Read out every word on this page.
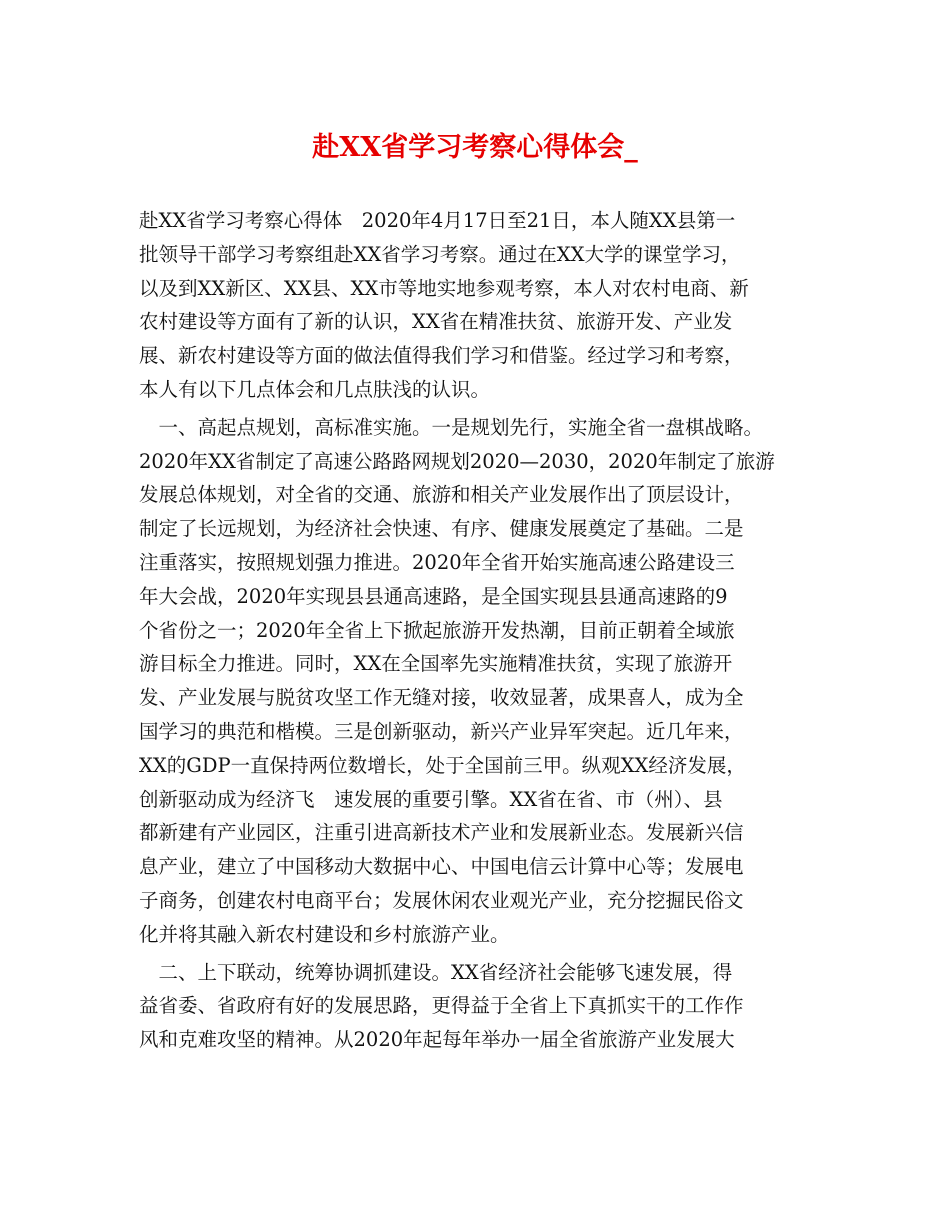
赴XX省学习考察心得体会_
赴XX省学习考察心得体　2020年4月17日至21日，本人随XX县第一
批领导干部学习考察组赴XX省学习考察。通过在XX大学的课堂学习，
以及到XX新区、XX县、XX市等地实地参观考察，本人对农村电商、新
农村建设等方面有了新的认识，XX省在精准扶贫、旅游开发、产业发
展、新农村建设等方面的做法值得我们学习和借鉴。经过学习和考察，
本人有以下几点体会和几点肤浅的认识。
　一、高起点规划，高标准实施。一是规划先行，实施全省一盘棋战略。
2020年XX省制定了高速公路路网规划2020—2030，2020年制定了旅游
发展总体规划，对全省的交通、旅游和相关产业发展作出了顶层设计，
制定了长远规划，为经济社会快速、有序、健康发展奠定了基础。二是
注重落实，按照规划强力推进。2020年全省开始实施高速公路建设三
年大会战，2020年实现县县通高速路，是全国实现县县通高速路的9
个省份之一；2020年全省上下掀起旅游开发热潮，目前正朝着全域旅
游目标全力推进。同时，XX在全国率先实施精准扶贫，实现了旅游开
发、产业发展与脱贫攻坚工作无缝对接，收效显著，成果喜人，成为全
国学习的典范和楷模。三是创新驱动，新兴产业异军突起。近几年来，
XX的GDP一直保持两位数增长，处于全国前三甲。纵观XX经济发展，
创新驱动成为经济飞　速发展的重要引擎。XX省在省、市（州）、县
都新建有产业园区，注重引进高新技术产业和发展新业态。发展新兴信
息产业，建立了中国移动大数据中心、中国电信云计算中心等；发展电
子商务，创建农村电商平台；发展休闲农业观光产业，充分挖掘民俗文
化并将其融入新农村建设和乡村旅游产业。
　二、上下联动，统筹协调抓建设。XX省经济社会能够飞速发展，得
益省委、省政府有好的发展思路，更得益于全省上下真抓实干的工作作
风和克难攻坚的精神。从2020年起每年举办一届全省旅游产业发展大
